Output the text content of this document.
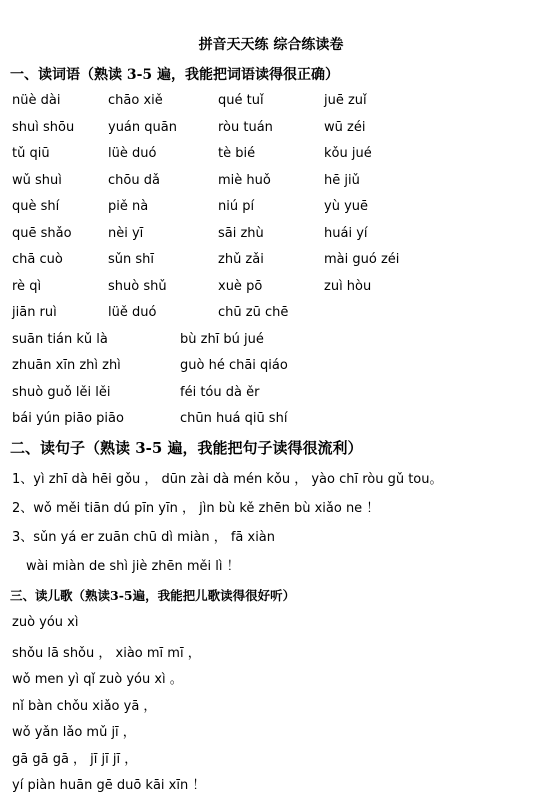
拼音天天练 综合练读卷
一、读词语（熟读 3-5 遍，我能把词语读得很正确）
nüè dài	chāo xiě	qué tuǐ	juē zuǐ
shuì shōu	yuán quān	ròu tuán	wū zéi
tǔ qiū	lüè duó	tè bié	kǒu jué
wǔ shuì	chōu dǎ	miè huǒ	hē jiǔ
què shí	piě nà	niú pí	yù yuē
quē shǎo	nèi yī	sāi zhù	huái yí
chā cuò	sǔn shī	zhǔ zǎi	mài guó zéi
rè qì	shuò shǔ	xuè pō	zuì hòu
jiān ruì	lüě duó	chū zū chē
suān tián kǔ là	bù zhī bú jué
zhuān xīn zhì zhì	guò hé chāi qiáo
shuò guǒ lěi lěi	féi tóu dà ěr
bái yún piāo piāo	chūn huá qiū shí
二、读句子（熟读 3-5 遍，我能把句子读得很流利）
1、yì zhī dà hēi gǒu ， dūn zài dà mén kǒu ， yào chī ròu gǔ tou。
2、wǒ měi tiān dú pīn yīn ， jìn bù kě zhēn bù xiǎo ne ！
3、sǔn yá er zuān chū dì miàn ， fā xiàn
wài miàn de shì jiè zhēn měi lì ！
三、读儿歌（熟读3-5遍，我能把儿歌读得很好听）
zuò yóu xì
shǒu lā shǒu ， xiào mī mī ，
wǒ men yì qǐ zuò yóu xì 。
nǐ bàn chǒu xiǎo yā ，
wǒ yǎn lǎo mǔ jī ，
gā gā gā ， jī jī jī ，
yí piàn huān gē duō kāi xīn ！
